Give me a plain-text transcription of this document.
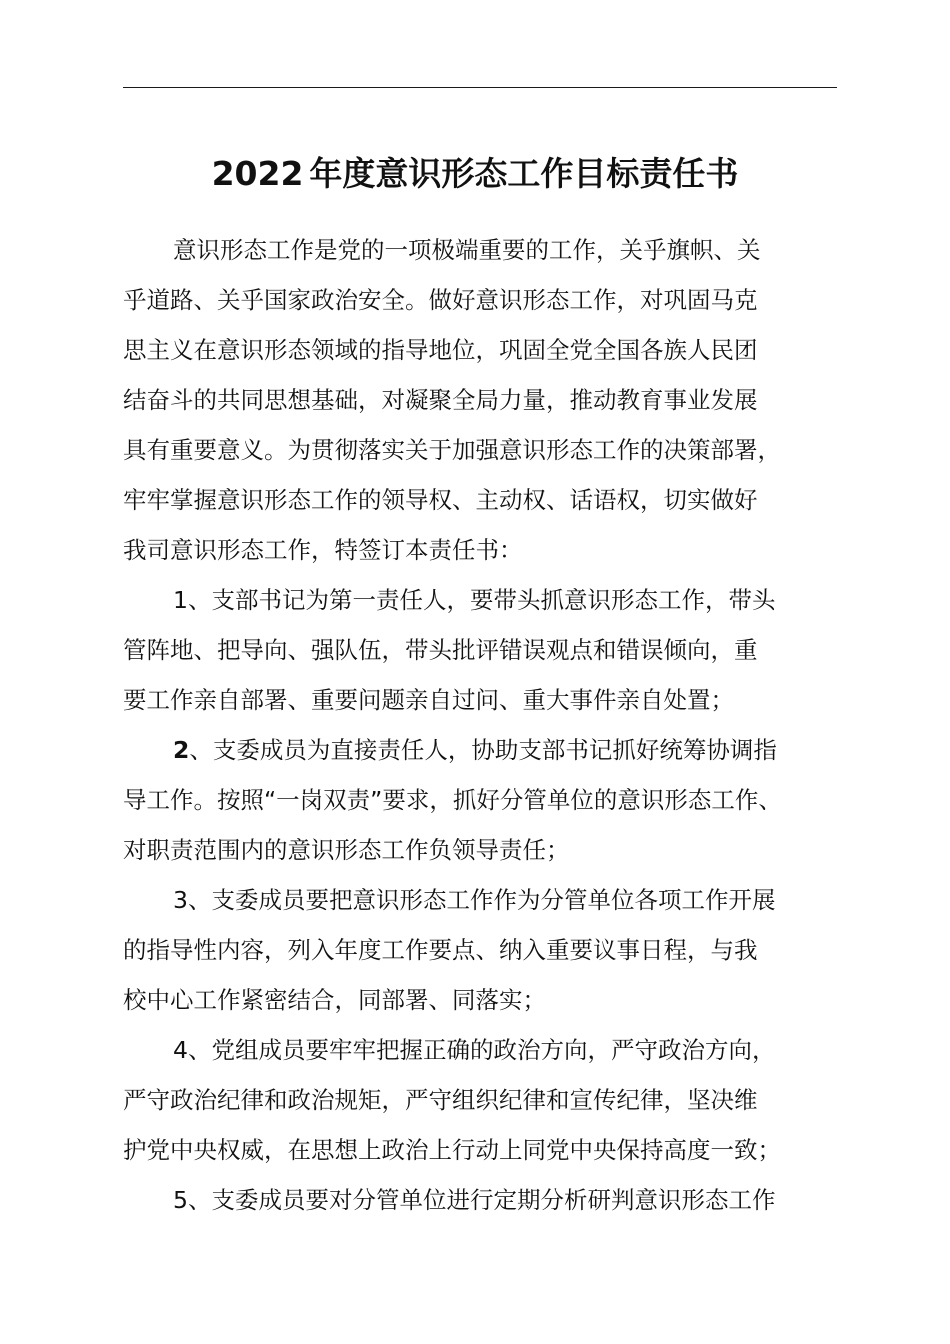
2022 年度意识形态工作目标责任书

意识形态工作是党的一项极端重要的工作，关乎旗帜、关
乎道路、关乎国家政治安全。做好意识形态工作，对巩固马克
思主义在意识形态领域的指导地位，巩固全党全国各族人民团
结奋斗的共同思想基础，对凝聚全局力量，推动教育事业发展
具有重要意义。为贯彻落实关于加强意识形态工作的决策部署，
牢牢掌握意识形态工作的领导权、主动权、话语权，切实做好
我司意识形态工作，特签订本责任书：

1、支部书记为第一责任人，要带头抓意识形态工作，带头
管阵地、把导向、强队伍，带头批评错误观点和错误倾向，重
要工作亲自部署、重要问题亲自过问、重大事件亲自处置；

2、支委成员为直接责任人，协助支部书记抓好统筹协调指
导工作。按照“一岗双责”要求，抓好分管单位的意识形态工作、
对职责范围内的意识形态工作负领导责任；

3、支委成员要把意识形态工作作为分管单位各项工作开展
的指导性内容，列入年度工作要点、纳入重要议事日程，与我
校中心工作紧密结合，同部署、同落实；

4、党组成员要牢牢把握正确的政治方向，严守政治方向，
严守政治纪律和政治规矩，严守组织纪律和宣传纪律，坚决维
护党中央权威，在思想上政治上行动上同党中央保持高度一致；

5、支委成员要对分管单位进行定期分析研判意识形态工作
